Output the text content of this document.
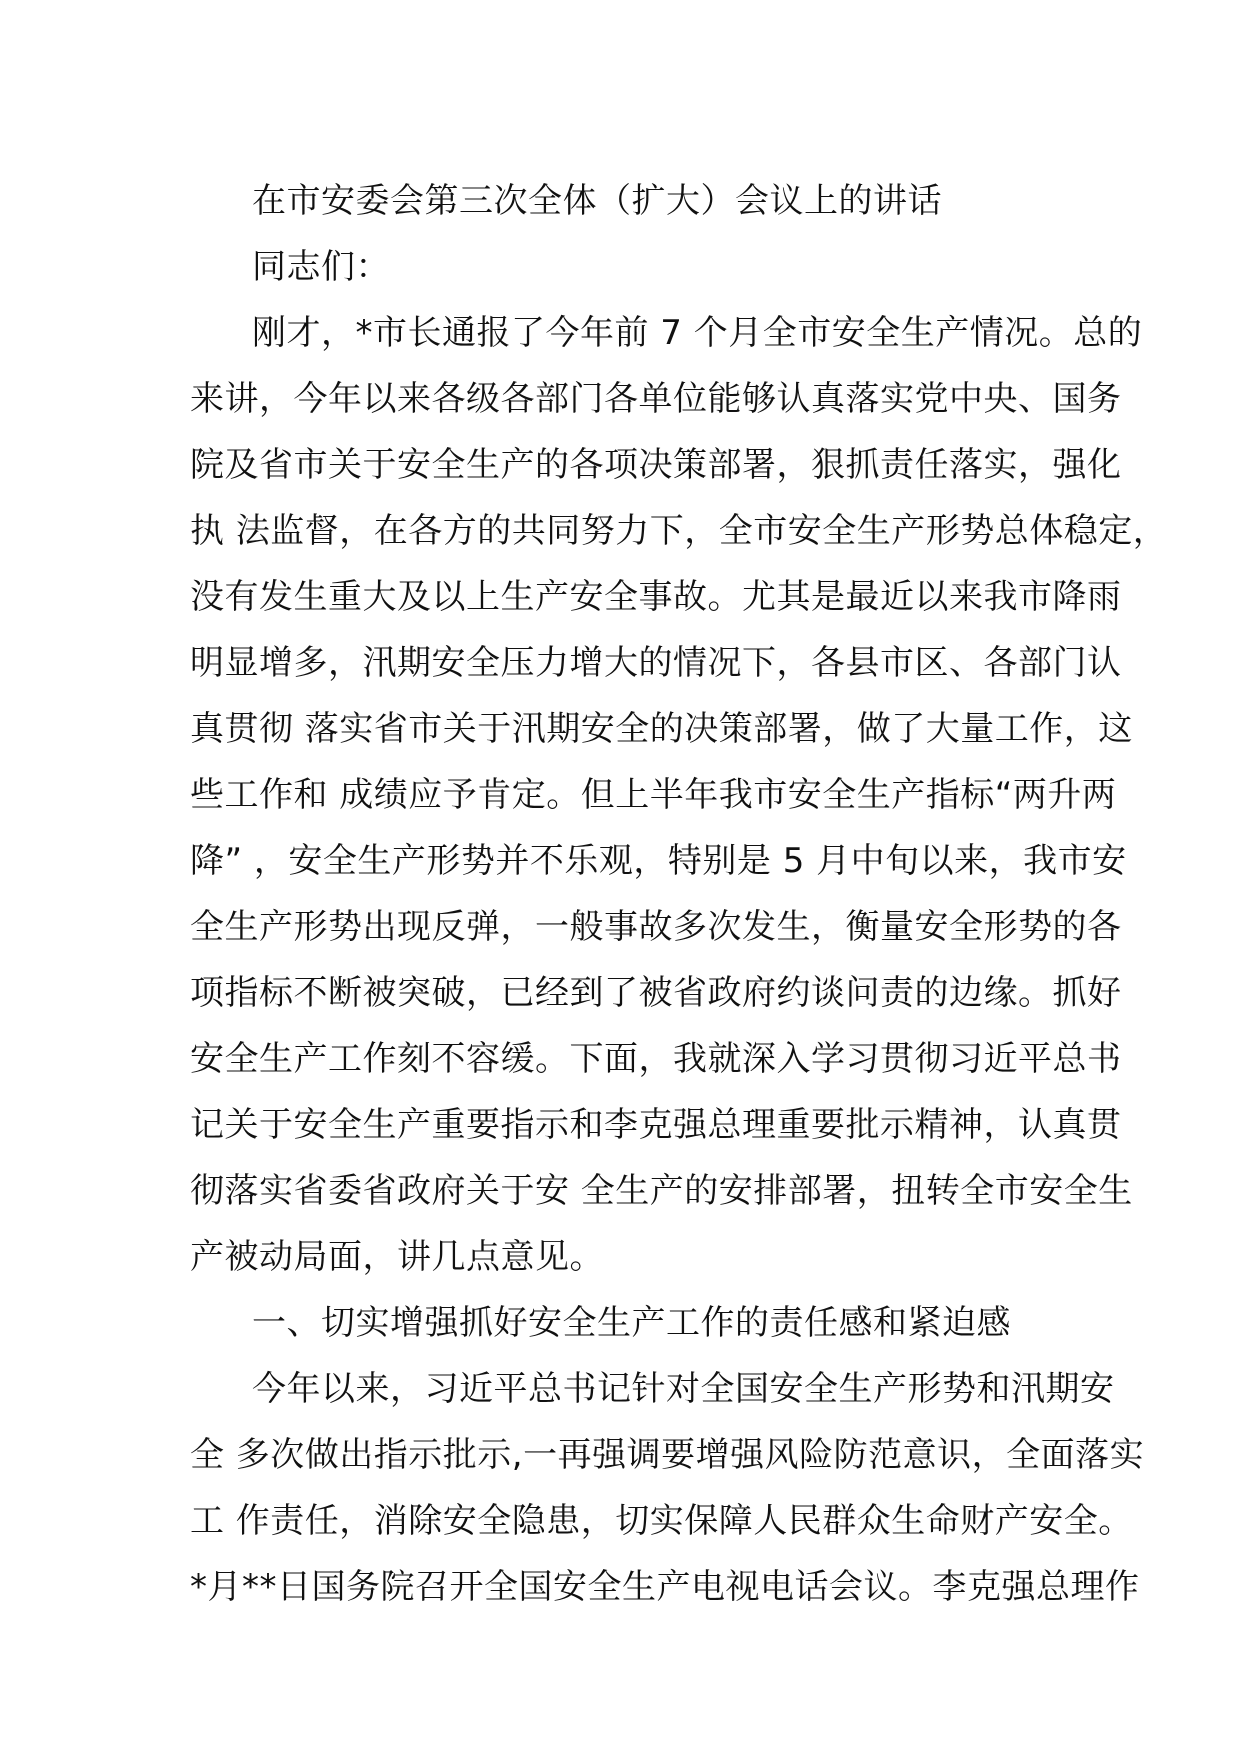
在市安委会第三次全体（扩大）会议上的讲话
同志们：
刚才，*市长通报了今年前 7 个月全市安全生产情况。总的
来讲，今年以来各级各部门各单位能够认真落实党中央、国务
院及省市关于安全生产的各项决策部署，狠抓责任落实，强化
执 法监督，在各方的共同努力下，全市安全生产形势总体稳定，
没有发生重大及以上生产安全事故。尤其是最近以来我市降雨
明显增多，汛期安全压力增大的情况下，各县市区、各部门认
真贯彻 落实省市关于汛期安全的决策部署，做了大量工作，这
些工作和 成绩应予肯定。但上半年我市安全生产指标“两升两
降” ，安全生产形势并不乐观，特别是 5 月中旬以来，我市安
全生产形势出现反弹，一般事故多次发生，衡量安全形势的各
项指标不断被突破，已经到了被省政府约谈问责的边缘。抓好
安全生产工作刻不容缓。下面，我就深入学习贯彻习近平总书
记关于安全生产重要指示和李克强总理重要批示精神，认真贯
彻落实省委省政府关于安 全生产的安排部署，扭转全市安全生
产被动局面，讲几点意见。
一、切实增强抓好安全生产工作的责任感和紧迫感
今年以来，习近平总书记针对全国安全生产形势和汛期安
全 多次做出指示批示,一再强调要增强风险防范意识，全面落实
工 作责任，消除安全隐患，切实保障人民群众生命财产安全。
*月**日国务院召开全国安全生产电视电话会议。李克强总理作
